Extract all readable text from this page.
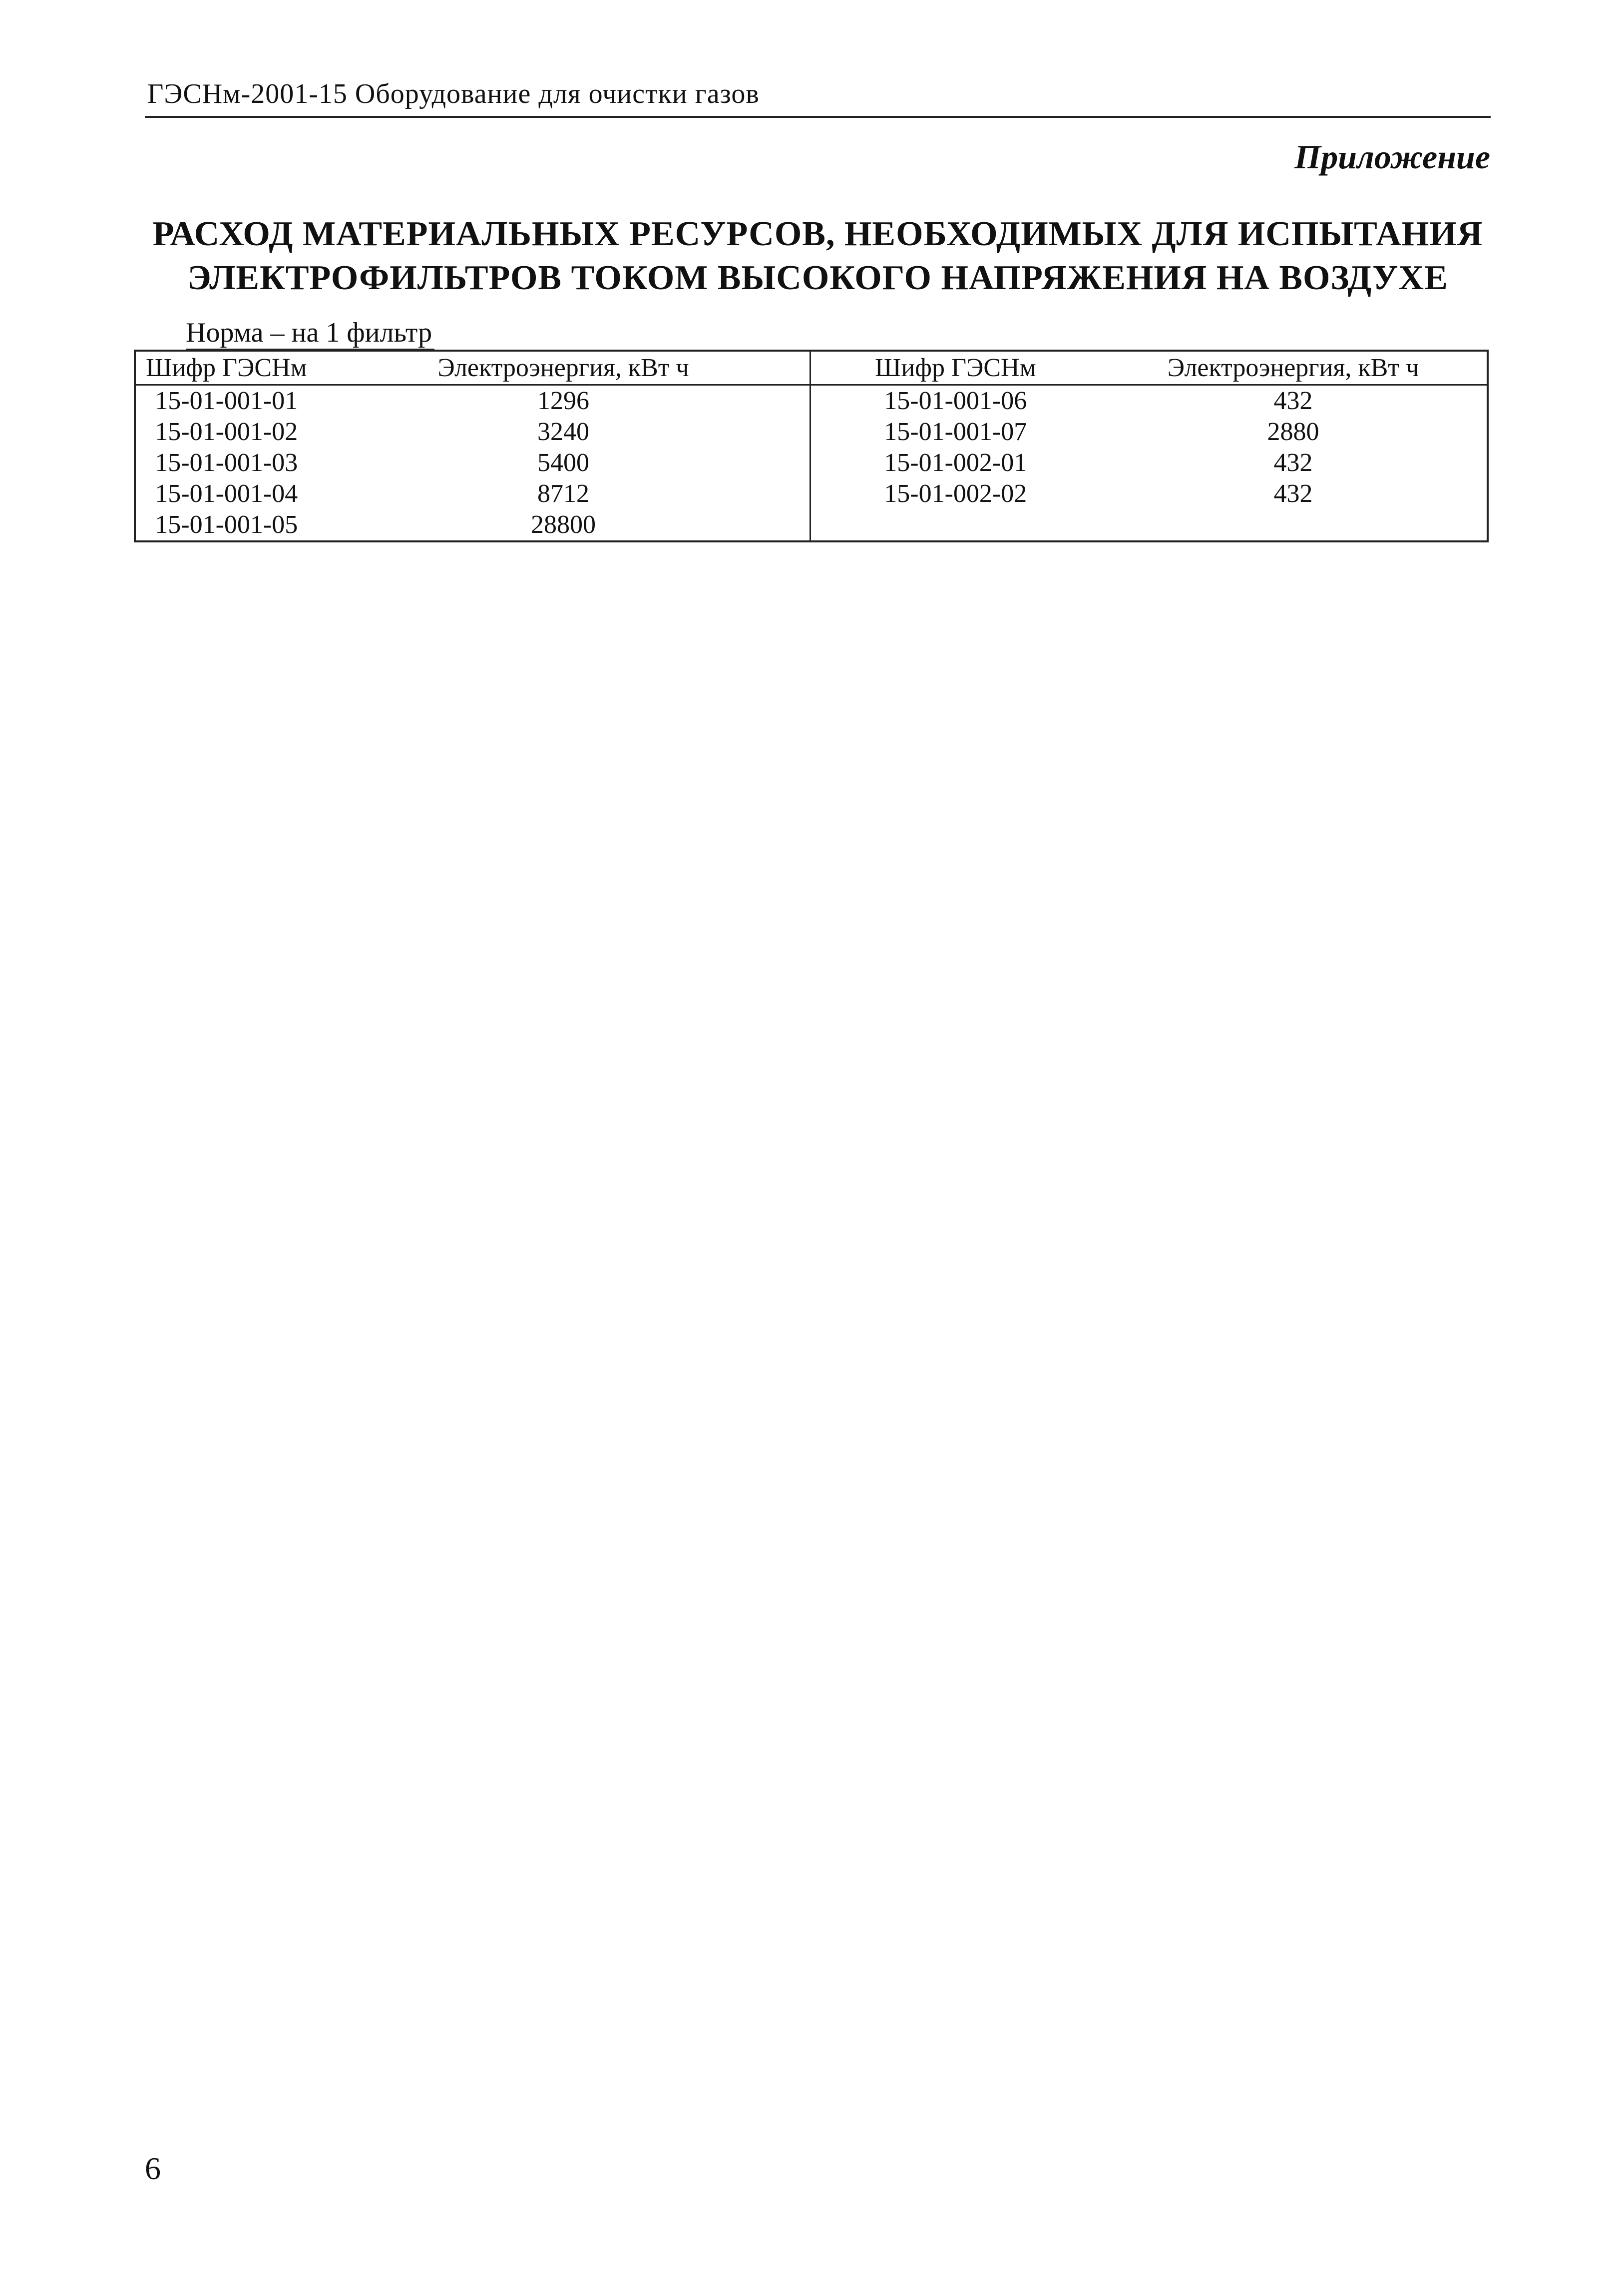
ГЭСНм-2001-15 Оборудование для очистки газов
Приложение
РАСХОД МАТЕРИАЛЬНЫХ РЕСУРСОВ, НЕОБХОДИМЫХ ДЛЯ ИСПЫТАНИЯ
ЭЛЕКТРОФИЛЬТРОВ ТОКОМ ВЫСОКОГО НАПРЯЖЕНИЯ НА ВОЗДУХЕ
Норма – на 1 фильтр
Шифр ГЭСНм	Электроэнергия, кВт ч	Шифр ГЭСНм	Электроэнергия, кВт ч
15-01-001-01	1296	15-01-001-06	432
15-01-001-02	3240	15-01-001-07	2880
15-01-001-03	5400	15-01-002-01	432
15-01-001-04	8712	15-01-002-02	432
15-01-001-05	28800		
6
